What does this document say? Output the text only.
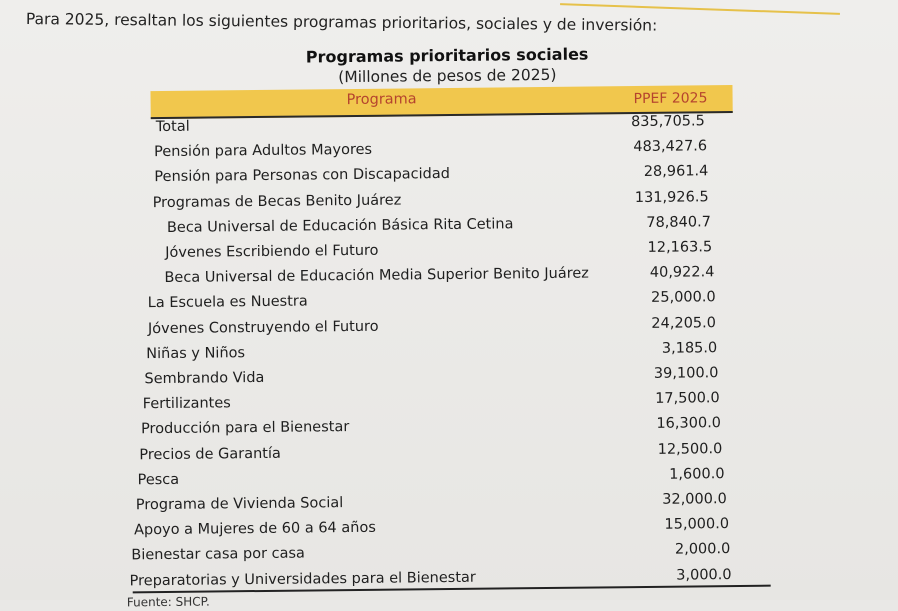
Para 2025, resaltan los siguientes programas prioritarios, sociales y de inversión:
Programas prioritarios sociales
(Millones de pesos de 2025)
Programa	PPEF 2025
Total	835,705.5
Pensión para Adultos Mayores	483,427.6
Pensión para Personas con Discapacidad	28,961.4
Programas de Becas Benito Juárez	131,926.5
Beca Universal de Educación Básica Rita Cetina	78,840.7
Jóvenes Escribiendo el Futuro	12,163.5
Beca Universal de Educación Media Superior Benito Juárez	40,922.4
La Escuela es Nuestra	25,000.0
Jóvenes Construyendo el Futuro	24,205.0
Niñas y Niños	3,185.0
Sembrando Vida	39,100.0
Fertilizantes	17,500.0
Producción para el Bienestar	16,300.0
Precios de Garantía	12,500.0
Pesca	1,600.0
Programa de Vivienda Social	32,000.0
Apoyo a Mujeres de 60 a 64 años	15,000.0
Bienestar casa por casa	2,000.0
Preparatorias y Universidades para el Bienestar	3,000.0
Fuente: SHCP.
